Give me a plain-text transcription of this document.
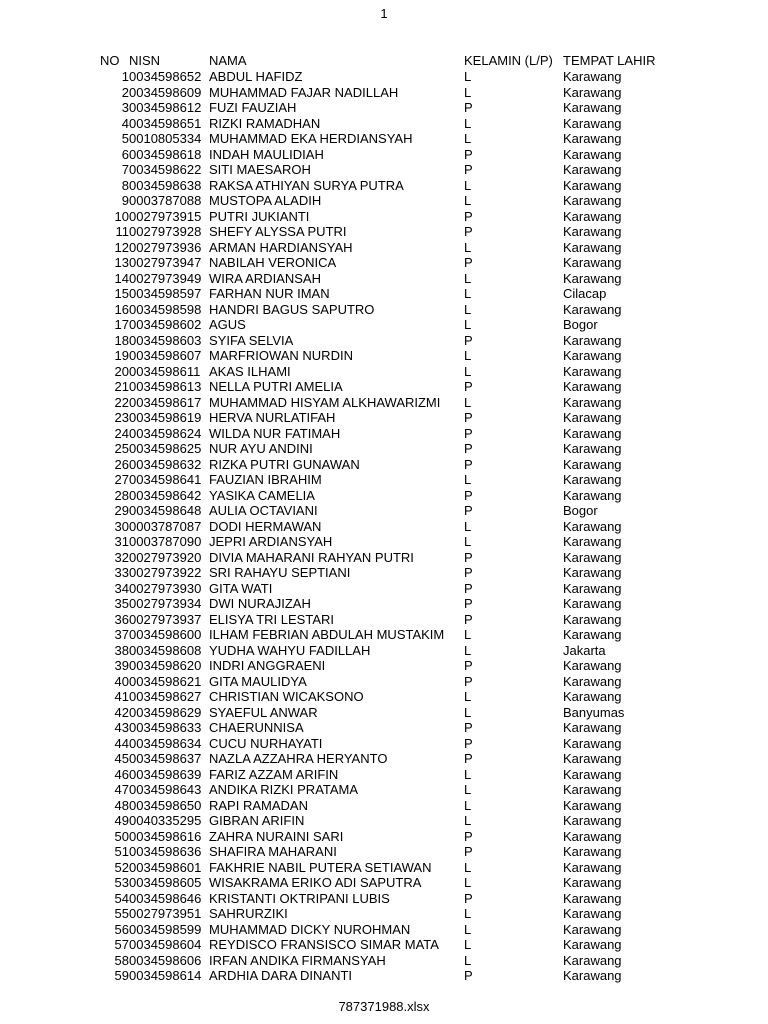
1
NO	NISN	NAMA	KELAMIN (L/P)	TEMPAT LAHIR
1	0034598652	ABDUL HAFIDZ	L	Karawang
2	0034598609	MUHAMMAD FAJAR NADILLAH	L	Karawang
3	0034598612	FUZI FAUZIAH	P	Karawang
4	0034598651	RIZKI RAMADHAN	L	Karawang
5	0010805334	MUHAMMAD EKA HERDIANSYAH	L	Karawang
6	0034598618	INDAH MAULIDIAH	P	Karawang
7	0034598622	SITI MAESAROH	P	Karawang
8	0034598638	RAKSA ATHIYAN SURYA PUTRA	L	Karawang
9	0003787088	MUSTOPA ALADIH	L	Karawang
10	0027973915	PUTRI JUKIANTI	P	Karawang
11	0027973928	SHEFY ALYSSA PUTRI	P	Karawang
12	0027973936	ARMAN HARDIANSYAH	L	Karawang
13	0027973947	NABILAH VERONICA	P	Karawang
14	0027973949	WIRA ARDIANSAH	L	Karawang
15	0034598597	FARHAN NUR IMAN	L	Cilacap
16	0034598598	HANDRI BAGUS SAPUTRO	L	Karawang
17	0034598602	AGUS	L	Bogor
18	0034598603	SYIFA SELVIA	P	Karawang
19	0034598607	MARFRIOWAN NURDIN	L	Karawang
20	0034598611	AKAS ILHAMI	L	Karawang
21	0034598613	NELLA PUTRI AMELIA	P	Karawang
22	0034598617	MUHAMMAD HISYAM ALKHAWARIZMI	L	Karawang
23	0034598619	HERVA NURLATIFAH	P	Karawang
24	0034598624	WILDA NUR FATIMAH	P	Karawang
25	0034598625	NUR AYU ANDINI	P	Karawang
26	0034598632	RIZKA PUTRI GUNAWAN	P	Karawang
27	0034598641	FAUZIAN IBRAHIM	L	Karawang
28	0034598642	YASIKA CAMELIA	P	Karawang
29	0034598648	AULIA OCTAVIANI	P	Bogor
30	0003787087	DODI HERMAWAN	L	Karawang
31	0003787090	JEPRI ARDIANSYAH	L	Karawang
32	0027973920	DIVIA MAHARANI RAHYAN PUTRI	P	Karawang
33	0027973922	SRI RAHAYU SEPTIANI	P	Karawang
34	0027973930	GITA WATI	P	Karawang
35	0027973934	DWI NURAJIZAH	P	Karawang
36	0027973937	ELISYA TRI LESTARI	P	Karawang
37	0034598600	ILHAM FEBRIAN ABDULAH MUSTAKIM	L	Karawang
38	0034598608	YUDHA WAHYU FADILLAH	L	Jakarta
39	0034598620	INDRI ANGGRAENI	P	Karawang
40	0034598621	GITA MAULIDYA	P	Karawang
41	0034598627	CHRISTIAN WICAKSONO	L	Karawang
42	0034598629	SYAEFUL ANWAR	L	Banyumas
43	0034598633	CHAERUNNISA	P	Karawang
44	0034598634	CUCU NURHAYATI	P	Karawang
45	0034598637	NAZLA AZZAHRA HERYANTO	P	Karawang
46	0034598639	FARIZ AZZAM ARIFIN	L	Karawang
47	0034598643	ANDIKA RIZKI PRATAMA	L	Karawang
48	0034598650	RAPI RAMADAN	L	Karawang
49	0040335295	GIBRAN ARIFIN	L	Karawang
50	0034598616	ZAHRA NURAINI SARI	P	Karawang
51	0034598636	SHAFIRA MAHARANI	P	Karawang
52	0034598601	FAKHRIE NABIL PUTERA SETIAWAN	L	Karawang
53	0034598605	WISAKRAMA ERIKO ADI SAPUTRA	L	Karawang
54	0034598646	KRISTANTI OKTRIPANI LUBIS	P	Karawang
55	0027973951	SAHRURZIKI	L	Karawang
56	0034598599	MUHAMMAD DICKY NUROHMAN	L	Karawang
57	0034598604	REYDISCO FRANSISCO SIMAR MATA	L	Karawang
58	0034598606	IRFAN ANDIKA FIRMANSYAH	L	Karawang
59	0034598614	ARDHIA DARA DINANTI	P	Karawang
787371988.xlsx
